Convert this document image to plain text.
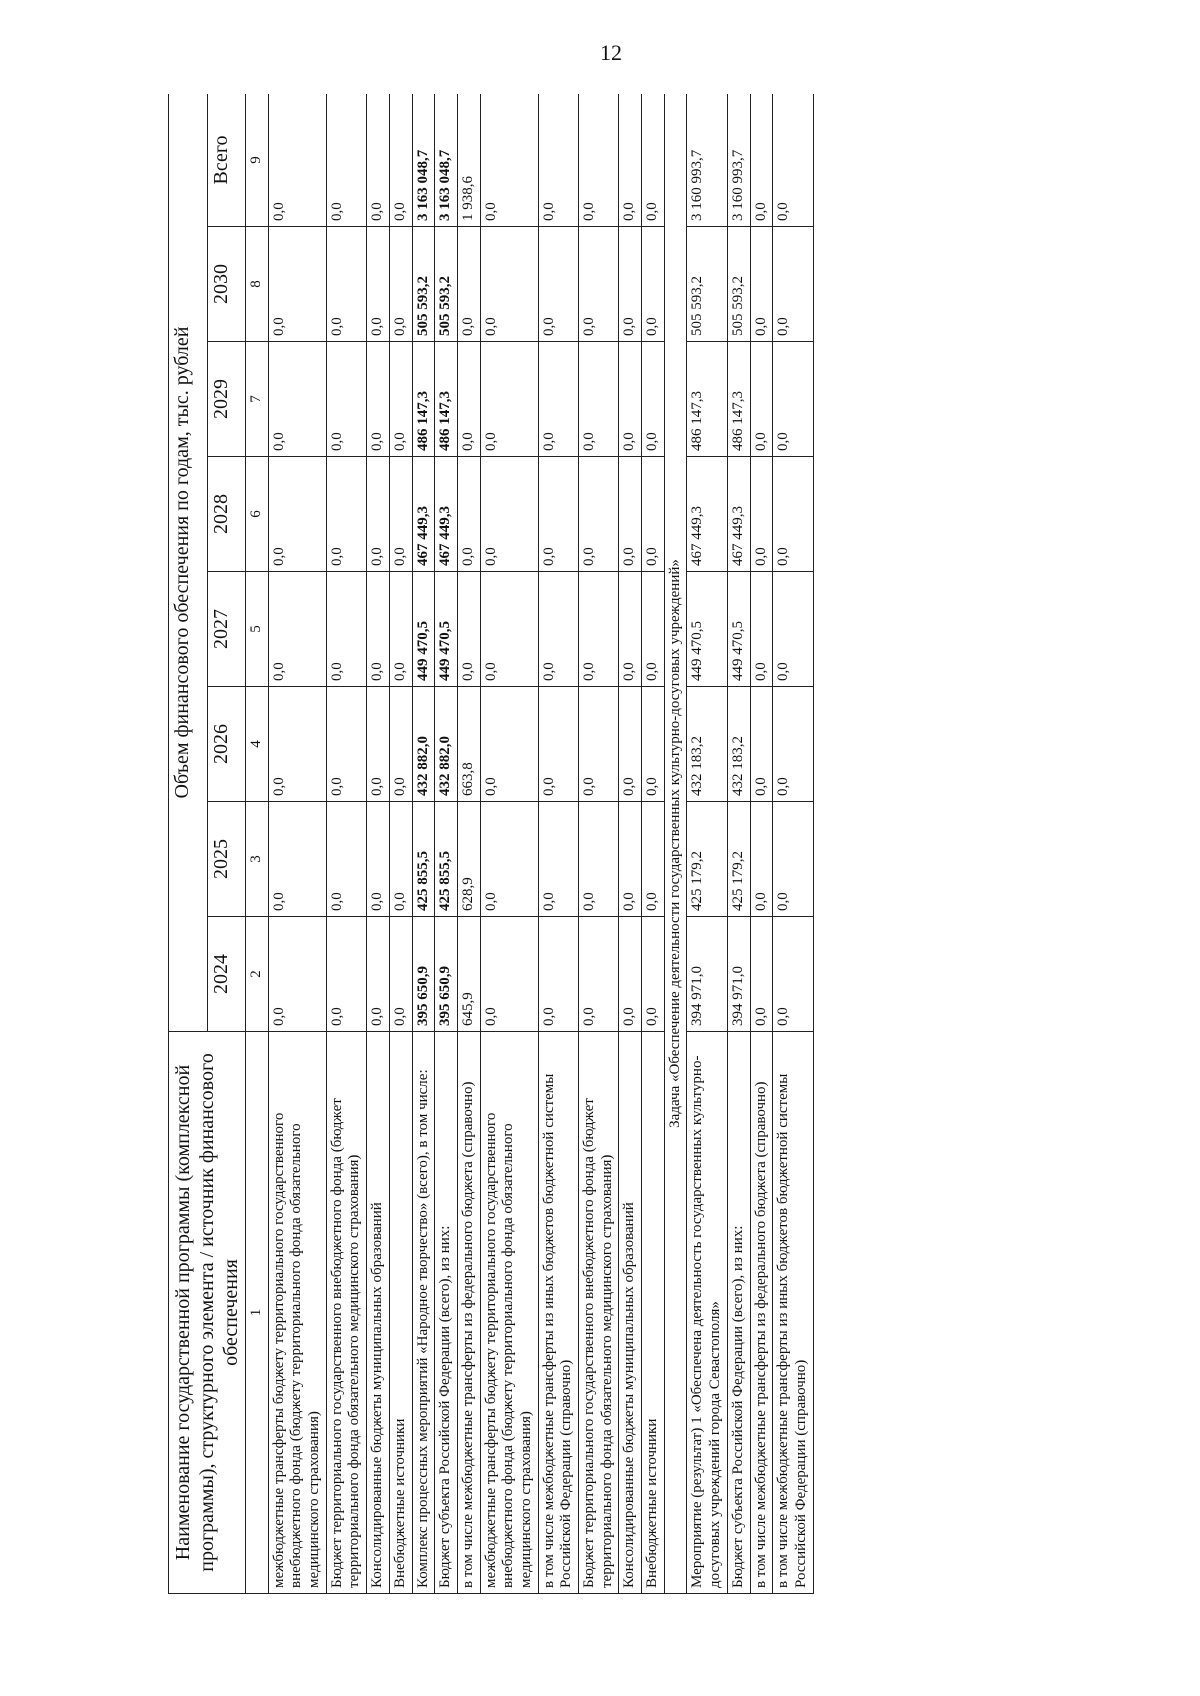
12
Наименование государственной программы (комплексной программы), структурного элемента / источник финансового обеспечения	Объем финансового обеспечения по годам, тыс. рублей							
	2024	2025	2026	2027	2028	2029	2030	Всего
1	2	3	4	5	6	7	8	9
межбюджетные трансферты бюджету территориального государственного внебюджетного фонда (бюджету территориального фонда обязательного медицинского страхования)	0,0	0,0	0,0	0,0	0,0	0,0	0,0	0,0
Бюджет территориального государственного внебюджетного фонда (бюджет территориального фонда обязательного медицинского страхования)	0,0	0,0	0,0	0,0	0,0	0,0	0,0	0,0
Консолидированные бюджеты муниципальных образований	0,0	0,0	0,0	0,0	0,0	0,0	0,0	0,0
Внебюджетные источники	0,0	0,0	0,0	0,0	0,0	0,0	0,0	0,0
Комплекс процессных мероприятий «Народное творчество» (всего), в том числе:	395 650,9	425 855,5	432 882,0	449 470,5	467 449,3	486 147,3	505 593,2	3 163 048,7
Бюджет субъекта Российской Федерации (всего), из них:	395 650,9	425 855,5	432 882,0	449 470,5	467 449,3	486 147,3	505 593,2	3 163 048,7
в том числе межбюджетные трансферты из федерального бюджета (справочно)	645,9	628,9	663,8	0,0	0,0	0,0	0,0	1 938,6
межбюджетные трансферты бюджету территориального государственного внебюджетного фонда (бюджету территориального фонда обязательного медицинского страхования)	0,0	0,0	0,0	0,0	0,0	0,0	0,0	0,0
в том числе межбюджетные трансферты из иных бюджетов бюджетной системы Российской Федерации (справочно)	0,0	0,0	0,0	0,0	0,0	0,0	0,0	0,0
Бюджет территориального государственного внебюджетного фонда (бюджет территориального фонда обязательного медицинского страхования)	0,0	0,0	0,0	0,0	0,0	0,0	0,0	0,0
Консолидированные бюджеты муниципальных образований	0,0	0,0	0,0	0,0	0,0	0,0	0,0	0,0
Внебюджетные источники	0,0	0,0	0,0	0,0	0,0	0,0	0,0	0,0
Задача «Обеспечение деятельности государственных культурно-досуговых учреждений»								
Мероприятие (результат) 1 «Обеспечена деятельность государственных культурно-досуговых учреждений города Севастополя»	394 971,0	425 179,2	432 183,2	449 470,5	467 449,3	486 147,3	505 593,2	3 160 993,7
Бюджет субъекта Российской Федерации (всего), из них:	394 971,0	425 179,2	432 183,2	449 470,5	467 449,3	486 147,3	505 593,2	3 160 993,7
в том числе межбюджетные трансферты из федерального бюджета (справочно)	0,0	0,0	0,0	0,0	0,0	0,0	0,0	0,0
в том числе межбюджетные трансферты из иных бюджетов бюджетной системы Российской Федерации (справочно)	0,0	0,0	0,0	0,0	0,0	0,0	0,0	0,0
